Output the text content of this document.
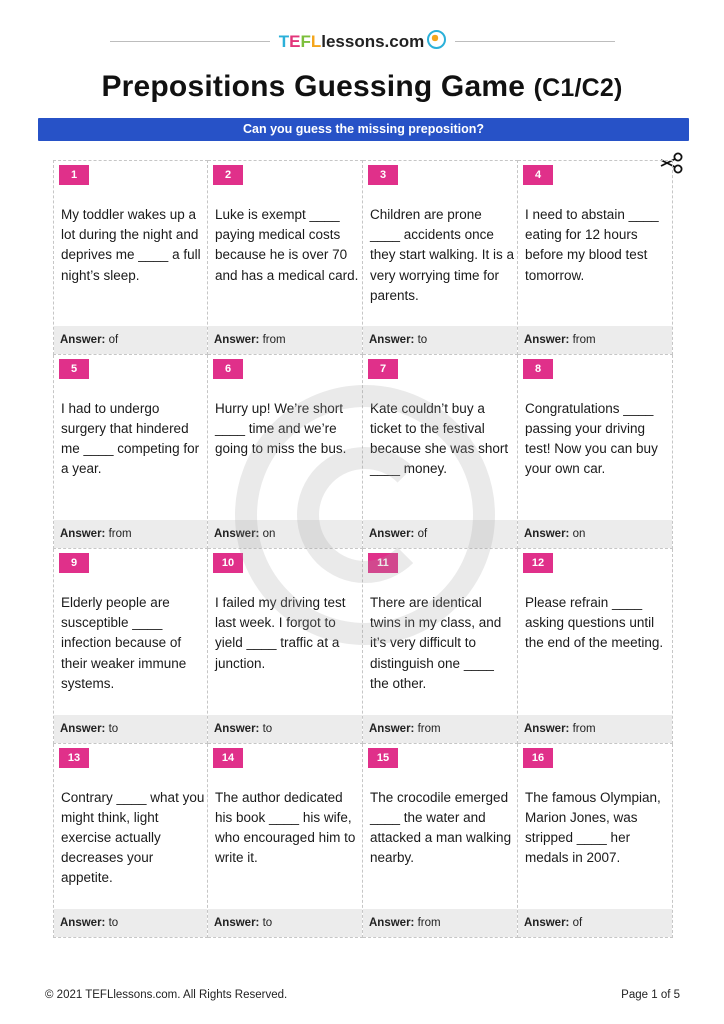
TEFLlessons.com
Prepositions Guessing Game (C1/C2)
Can you guess the missing preposition?
1
My toddler wakes up a lot during the night and deprives me ____ a full night’s sleep.
Answer: of
2
Luke is exempt ____ paying medical costs because he is over 70 and has a medical card.
Answer: from
3
Children are prone ____ accidents once they start walking. It is a very worrying time for parents.
Answer: to
4
I need to abstain ____ eating for 12 hours before my blood test tomorrow.
Answer: from
5
I had to undergo surgery that hindered me ____ competing for a year.
Answer: from
6
Hurry up! We’re short ____ time and we’re going to miss the bus.
Answer: on
7
Kate couldn’t buy a ticket to the festival because she was short ____ money.
Answer: of
8
Congratulations ____ passing your driving test! Now you can buy your own car.
Answer: on
9
Elderly people are susceptible ____ infection because of their weaker immune systems.
Answer: to
10
I failed my driving test last week. I forgot to yield ____ traffic at a junction.
Answer: to
11
There are identical twins in my class, and it’s very difficult to distinguish one ____ the other.
Answer: from
12
Please refrain ____ asking questions until the end of the meeting.
Answer: from
13
Contrary ____ what you might think, light exercise actually decreases your appetite.
Answer: to
14
The author dedicated his book ____ his wife, who encouraged him to write it.
Answer: to
15
The crocodile emerged ____ the water and attacked a man walking nearby.
Answer: from
16
The famous Olympian, Marion Jones, was stripped ____ her medals in 2007.
Answer: of
© 2021 TEFLlessons.com. All Rights Reserved.	Page 1 of 5
